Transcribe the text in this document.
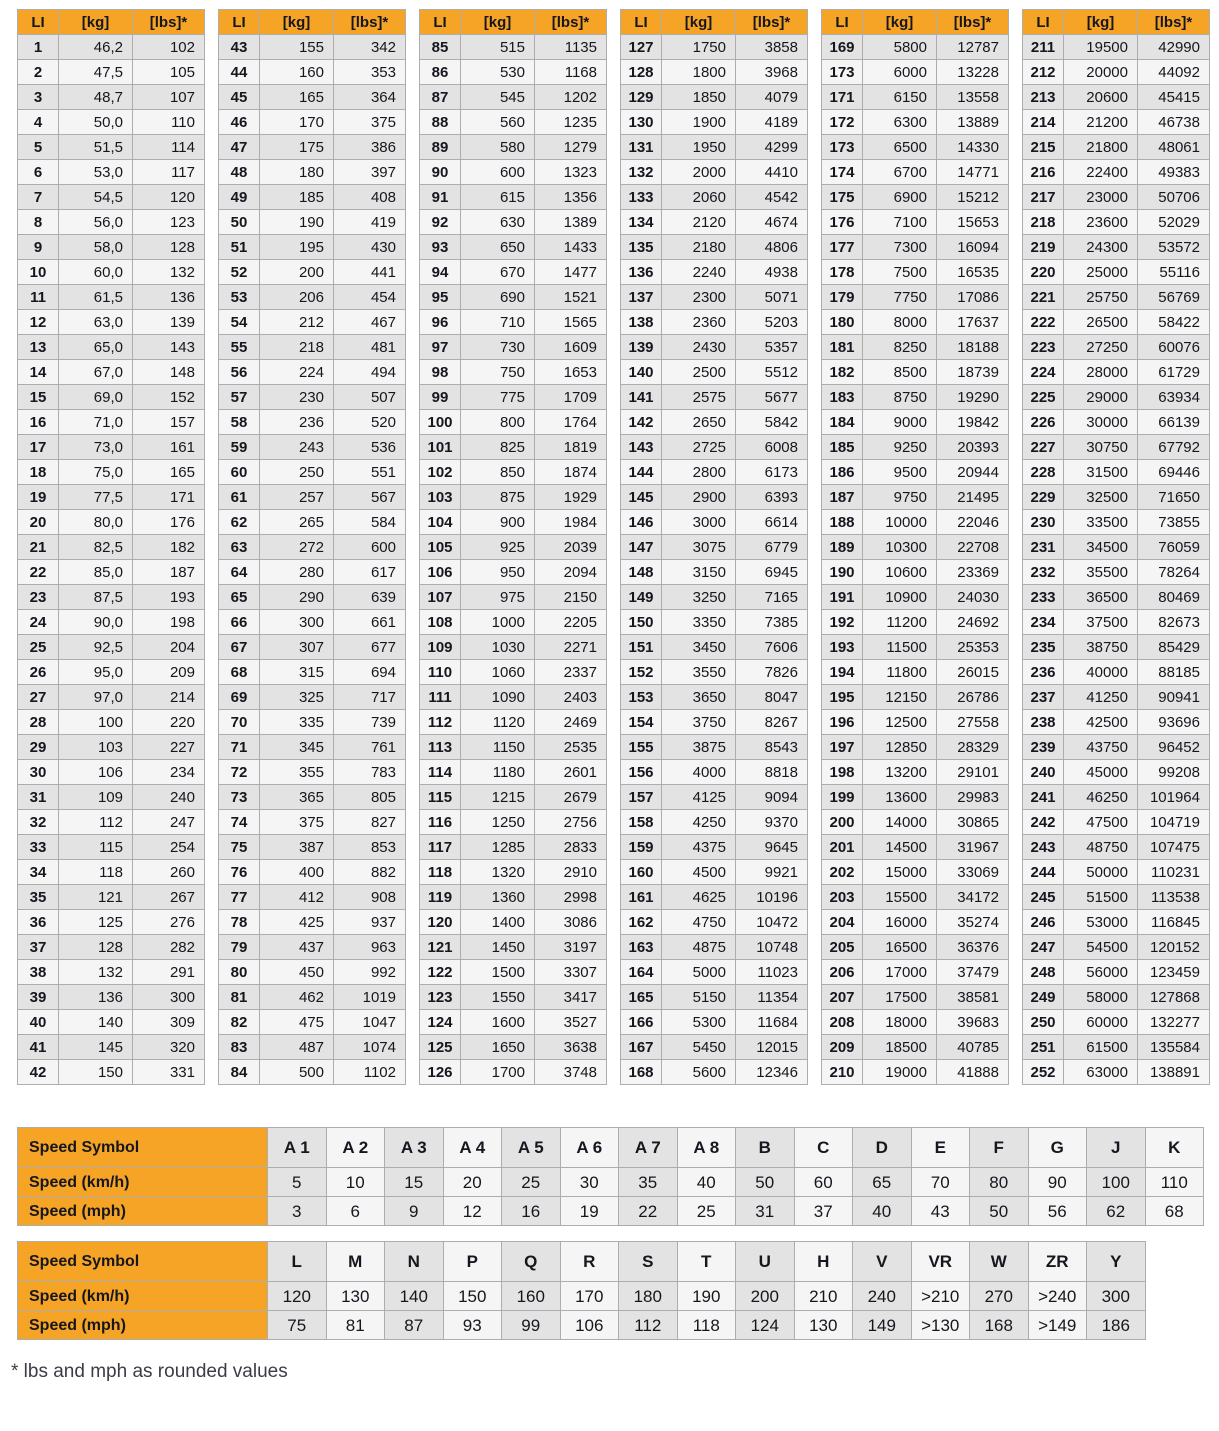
LI	[kg]	[lbs]*
1	46,2	102
2	47,5	105
3	48,7	107
4	50,0	110
5	51,5	114
6	53,0	117
7	54,5	120
8	56,0	123
9	58,0	128
10	60,0	132
11	61,5	136
12	63,0	139
13	65,0	143
14	67,0	148
15	69,0	152
16	71,0	157
17	73,0	161
18	75,0	165
19	77,5	171
20	80,0	176
21	82,5	182
22	85,0	187
23	87,5	193
24	90,0	198
25	92,5	204
26	95,0	209
27	97,0	214
28	100	220
29	103	227
30	106	234
31	109	240
32	112	247
33	115	254
34	118	260
35	121	267
36	125	276
37	128	282
38	132	291
39	136	300
40	140	309
41	145	320
42	150	331
LI	[kg]	[lbs]*
43	155	342
44	160	353
45	165	364
46	170	375
47	175	386
48	180	397
49	185	408
50	190	419
51	195	430
52	200	441
53	206	454
54	212	467
55	218	481
56	224	494
57	230	507
58	236	520
59	243	536
60	250	551
61	257	567
62	265	584
63	272	600
64	280	617
65	290	639
66	300	661
67	307	677
68	315	694
69	325	717
70	335	739
71	345	761
72	355	783
73	365	805
74	375	827
75	387	853
76	400	882
77	412	908
78	425	937
79	437	963
80	450	992
81	462	1019
82	475	1047
83	487	1074
84	500	1102
LI	[kg]	[lbs]*
85	515	1135
86	530	1168
87	545	1202
88	560	1235
89	580	1279
90	600	1323
91	615	1356
92	630	1389
93	650	1433
94	670	1477
95	690	1521
96	710	1565
97	730	1609
98	750	1653
99	775	1709
100	800	1764
101	825	1819
102	850	1874
103	875	1929
104	900	1984
105	925	2039
106	950	2094
107	975	2150
108	1000	2205
109	1030	2271
110	1060	2337
111	1090	2403
112	1120	2469
113	1150	2535
114	1180	2601
115	1215	2679
116	1250	2756
117	1285	2833
118	1320	2910
119	1360	2998
120	1400	3086
121	1450	3197
122	1500	3307
123	1550	3417
124	1600	3527
125	1650	3638
126	1700	3748
LI	[kg]	[lbs]*
127	1750	3858
128	1800	3968
129	1850	4079
130	1900	4189
131	1950	4299
132	2000	4410
133	2060	4542
134	2120	4674
135	2180	4806
136	2240	4938
137	2300	5071
138	2360	5203
139	2430	5357
140	2500	5512
141	2575	5677
142	2650	5842
143	2725	6008
144	2800	6173
145	2900	6393
146	3000	6614
147	3075	6779
148	3150	6945
149	3250	7165
150	3350	7385
151	3450	7606
152	3550	7826
153	3650	8047
154	3750	8267
155	3875	8543
156	4000	8818
157	4125	9094
158	4250	9370
159	4375	9645
160	4500	9921
161	4625	10196
162	4750	10472
163	4875	10748
164	5000	11023
165	5150	11354
166	5300	11684
167	5450	12015
168	5600	12346
LI	[kg]	[lbs]*
169	5800	12787
173	6000	13228
171	6150	13558
172	6300	13889
173	6500	14330
174	6700	14771
175	6900	15212
176	7100	15653
177	7300	16094
178	7500	16535
179	7750	17086
180	8000	17637
181	8250	18188
182	8500	18739
183	8750	19290
184	9000	19842
185	9250	20393
186	9500	20944
187	9750	21495
188	10000	22046
189	10300	22708
190	10600	23369
191	10900	24030
192	11200	24692
193	11500	25353
194	11800	26015
195	12150	26786
196	12500	27558
197	12850	28329
198	13200	29101
199	13600	29983
200	14000	30865
201	14500	31967
202	15000	33069
203	15500	34172
204	16000	35274
205	16500	36376
206	17000	37479
207	17500	38581
208	18000	39683
209	18500	40785
210	19000	41888
LI	[kg]	[lbs]*
211	19500	42990
212	20000	44092
213	20600	45415
214	21200	46738
215	21800	48061
216	22400	49383
217	23000	50706
218	23600	52029
219	24300	53572
220	25000	55116
221	25750	56769
222	26500	58422
223	27250	60076
224	28000	61729
225	29000	63934
226	30000	66139
227	30750	67792
228	31500	69446
229	32500	71650
230	33500	73855
231	34500	76059
232	35500	78264
233	36500	80469
234	37500	82673
235	38750	85429
236	40000	88185
237	41250	90941
238	42500	93696
239	43750	96452
240	45000	99208
241	46250	101964
242	47500	104719
243	48750	107475
244	50000	110231
245	51500	113538
246	53000	116845
247	54500	120152
248	56000	123459
249	58000	127868
250	60000	132277
251	61500	135584
252	63000	138891
Speed Symbol	A 1	A 2	A 3	A 4	A 5	A 6	A 7	A 8	B	C	D	E	F	G	J	K
Speed (km/h)	5	10	15	20	25	30	35	40	50	60	65	70	80	90	100	110
Speed (mph)	3	6	9	12	16	19	22	25	31	37	40	43	50	56	62	68
Speed Symbol	L	M	N	P	Q	R	S	T	U	H	V	VR	W	ZR	Y
Speed (km/h)	120	130	140	150	160	170	180	190	200	210	240	>210	270	>240	300
Speed (mph)	75	81	87	93	99	106	112	118	124	130	149	>130	168	>149	186

* lbs and mph as rounded values
